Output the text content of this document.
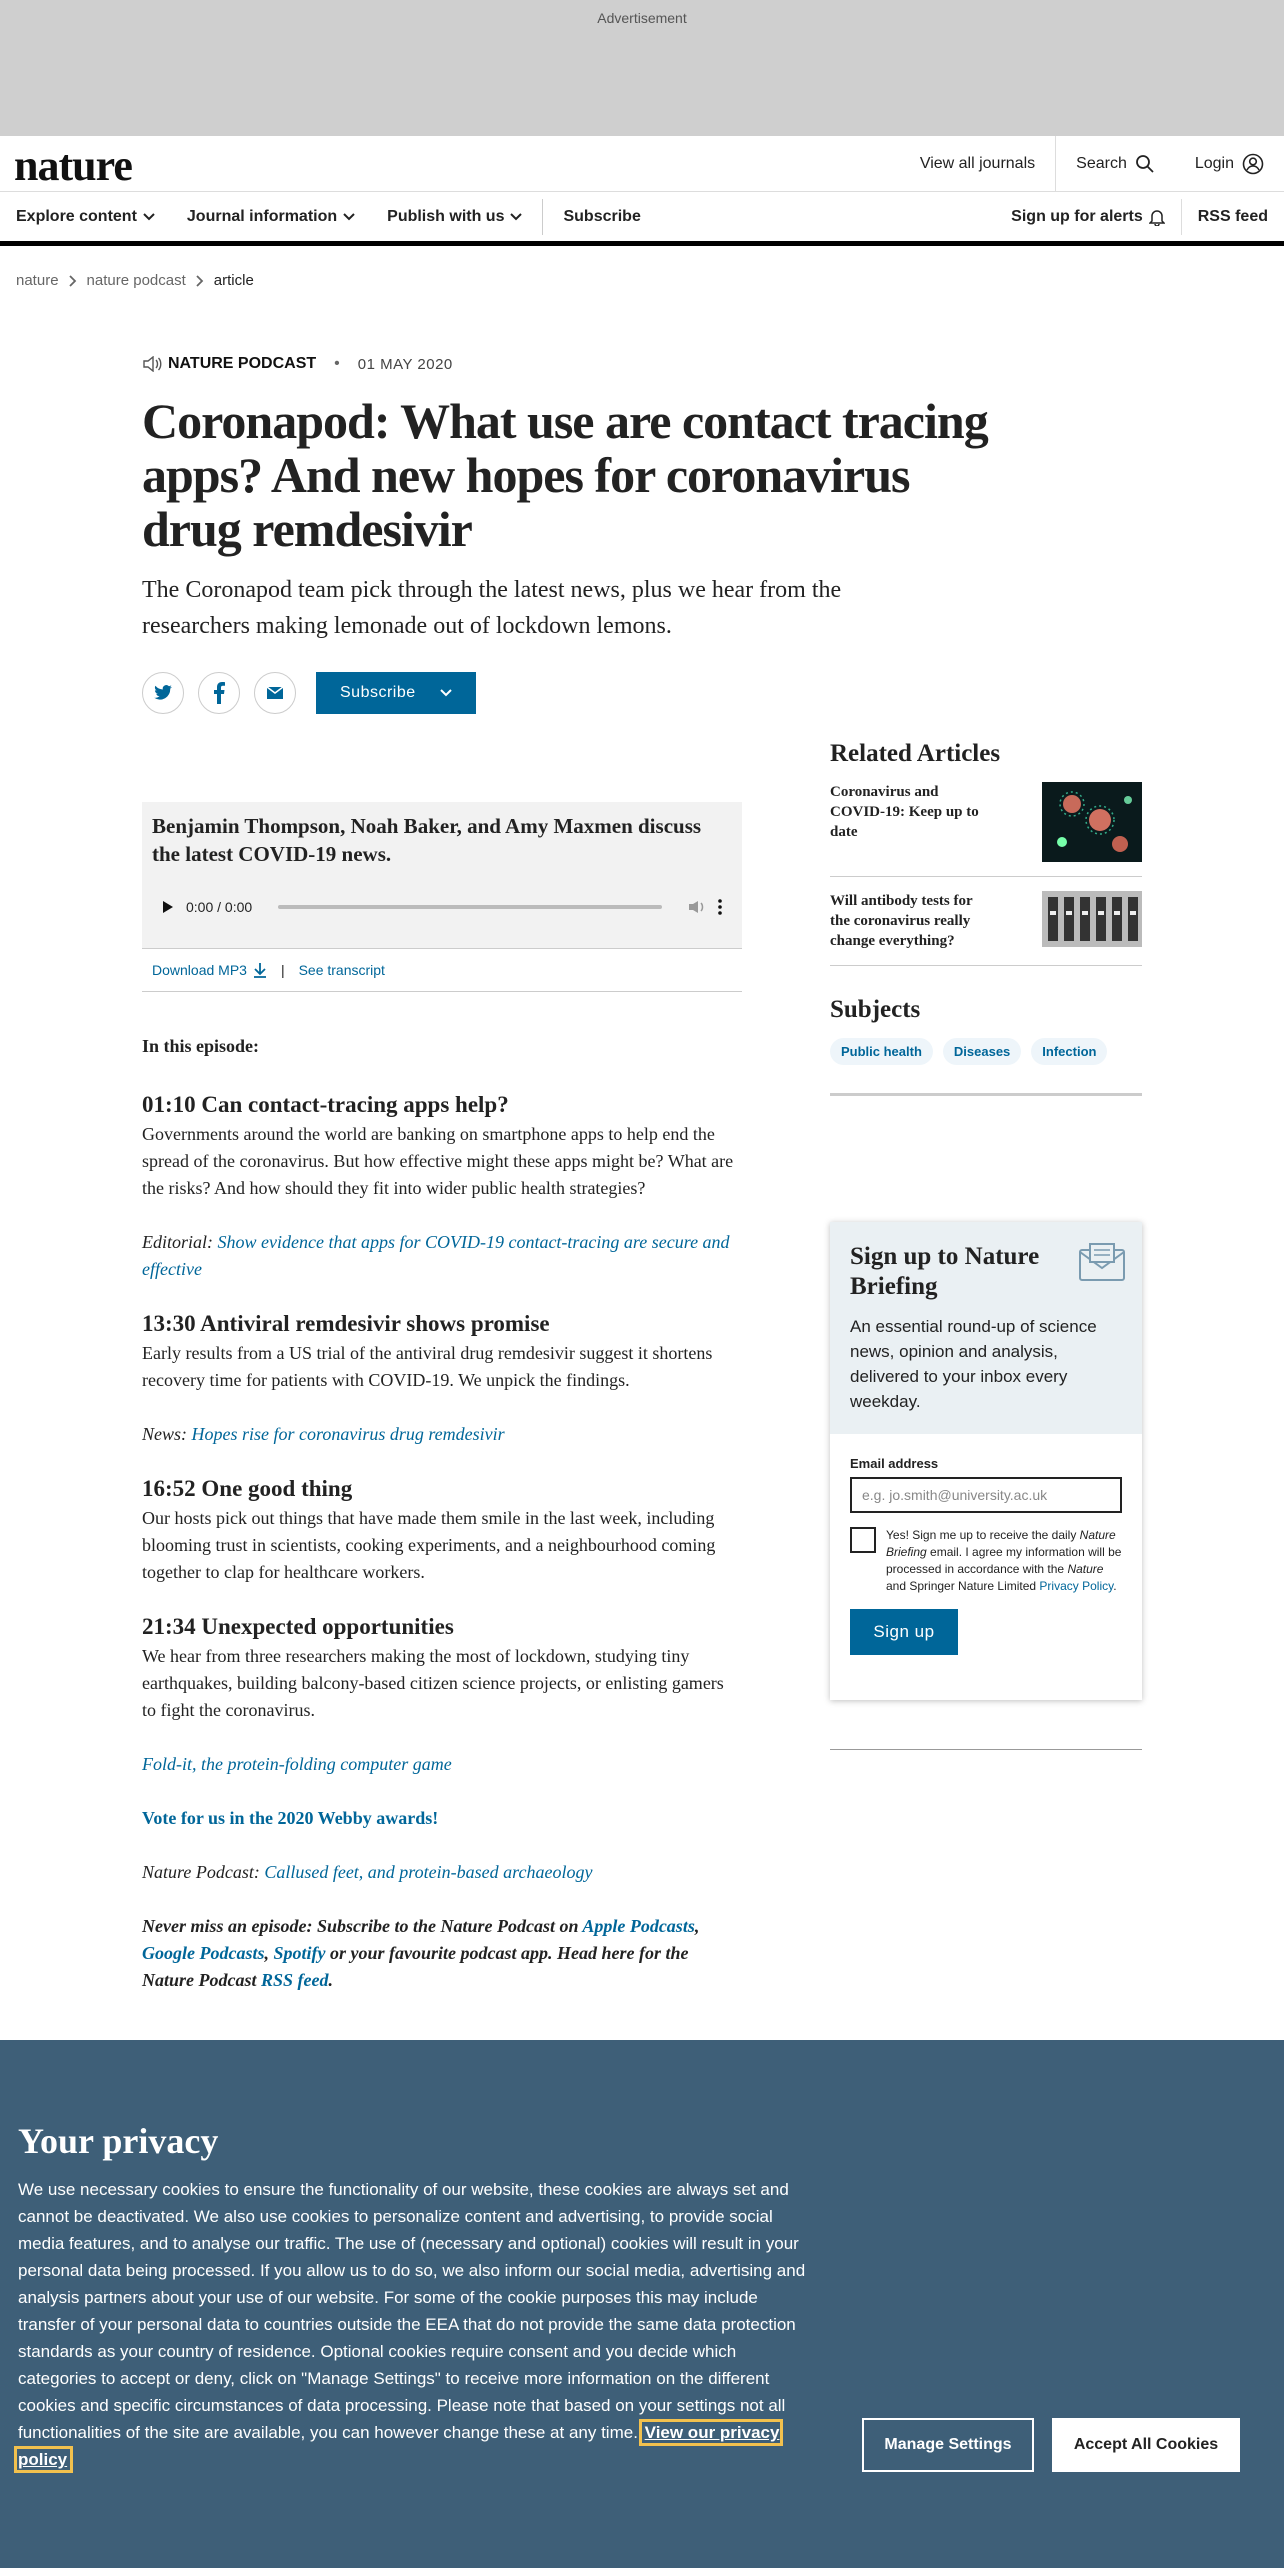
Advertisement
nature	View all journals	Search	Login
Explore content	Journal information	Publish with us	Subscribe	Sign up for alerts	RSS feed
nature nature podcast article
NATURE PODCAST • 01 MAY 2020
Coronapod: What use are contact tracing apps? And new hopes for coronavirus drug remdesivir
The Coronapod team pick through the latest news, plus we hear from the researchers making lemonade out of lockdown lemons.
Subscribe
Benjamin Thompson, Noah Baker, and Amy Maxmen discuss the latest COVID-19 news.
0:00 / 0:00
Download MP3 | See transcript
In this episode:
01:10 Can contact-tracing apps help?

Governments around the world are banking on smartphone apps to help end the spread of the coronavirus. But how effective might these apps might be? What are the risks? And how should they fit into wider public health strategies?

Editorial: Show evidence that apps for COVID-19 contact-tracing are secure and effective

13:30 Antiviral remdesivir shows promise

Early results from a US trial of the antiviral drug remdesivir suggest it shortens recovery time for patients with COVID-19. We unpick the findings.

News: Hopes rise for coronavirus drug remdesivir

16:52 One good thing

Our hosts pick out things that have made them smile in the last week, including blooming trust in scientists, cooking experiments, and a neighbourhood coming together to clap for healthcare workers.

21:34 Unexpected opportunities

We hear from three researchers making the most of lockdown, studying tiny earthquakes, building balcony-based citizen science projects, or enlisting gamers to fight the coronavirus.

Fold-it, the protein-folding computer game

Vote for us in the 2020 Webby awards!

Nature Podcast: Callused feet, and protein-based archaeology

Never miss an episode: Subscribe to the Nature Podcast on Apple Podcasts, Google Podcasts, Spotify or your favourite podcast app. Head here for the Nature Podcast RSS feed.

Related Articles
Coronavirus and COVID-19: Keep up to date
Will antibody tests for the coronavirus really change everything?
Subjects
Public health	Diseases	Infection
Sign up to Nature Briefing
An essential round-up of science news, opinion and analysis, delivered to your inbox every weekday.
Email address
e.g. jo.smith@university.ac.uk
Yes! Sign me up to receive the daily Nature Briefing email. I agree my information will be processed in accordance with the Nature and Springer Nature Limited Privacy Policy.
Sign up
Your privacy
We use necessary cookies to ensure the functionality of our website, these cookies are always set and cannot be deactivated. We also use cookies to personalize content and advertising, to provide social media features, and to analyse our traffic. The use of (necessary and optional) cookies will result in your personal data being processed. If you allow us to do so, we also inform our social media, advertising and analysis partners about your use of our website. For some of the cookie purposes this may include transfer of your personal data to countries outside the EEA that do not provide the same data protection standards as your country of residence. Optional cookies require consent and you decide which categories to accept or deny, click on "Manage Settings" to receive more information on the different cookies and specific circumstances of data processing. Please note that based on your settings not all functionalities of the site are available, you can however change these at any time. View our privacy policy
Manage Settings	Accept All Cookies
